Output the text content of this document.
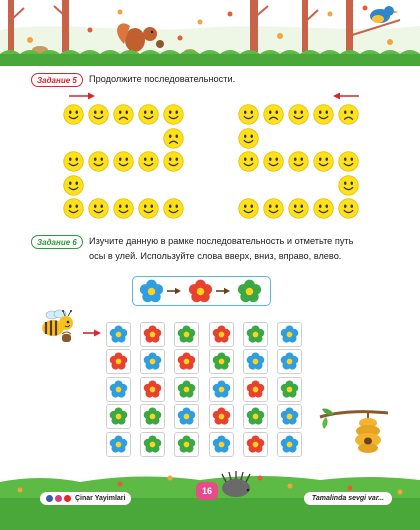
Задание 5 Продолжите последовательности.
Задание 6 Изучите данную в рамке последовательность и отметьте путь
осы в улей. Используйте слова вверх, вниз, вправо, влево.
Çinar Yayimlari
16
Tamalinda sevgi var...
